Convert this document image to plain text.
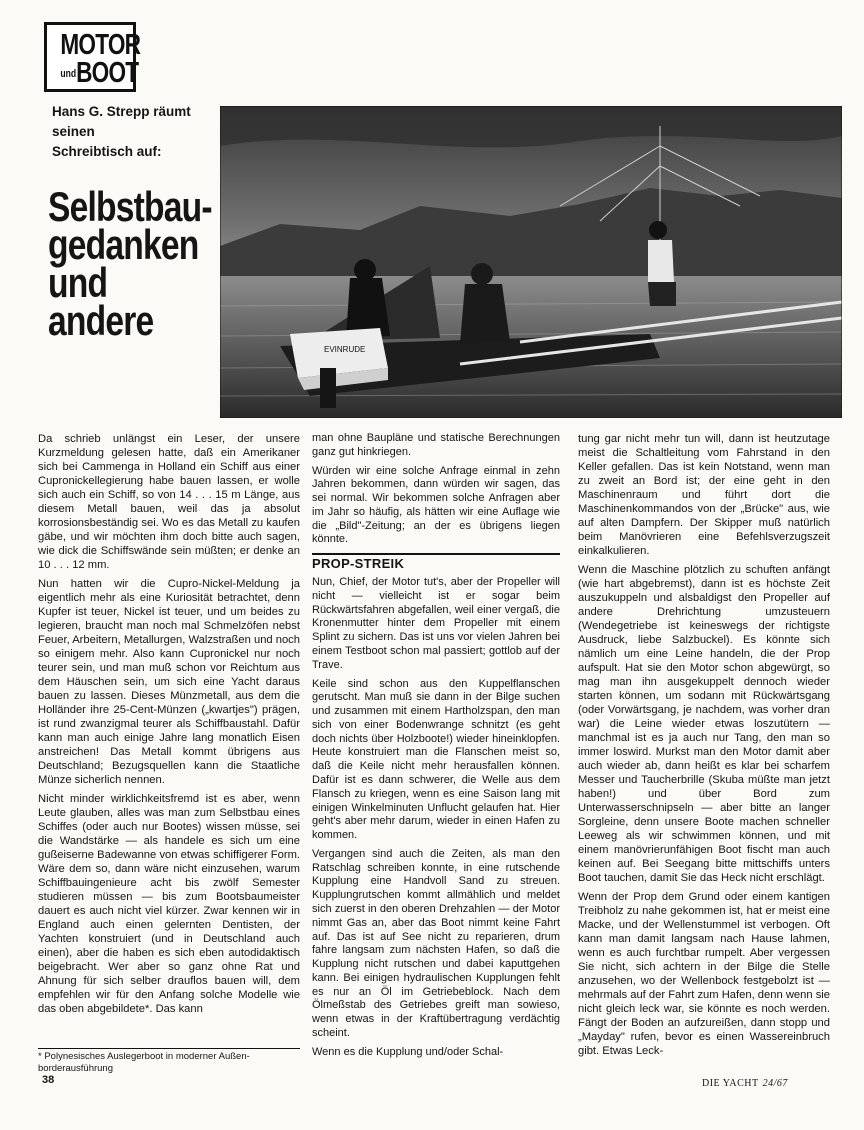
MOTOR
undBOOT
Hans G. Strepp räumt
seinen
Schreibtisch auf:
Selbstbau-
gedanken
und
andere
EVINRUDE

Da schrieb unlängst ein Leser, der unsere Kurzmeldung gelesen hatte, daß ein Amerikaner sich bei Cammenga in Holland ein Schiff aus einer Cupronickellegierung habe bauen lassen, er wolle sich auch ein Schiff, so von 14 . . . 15 m Länge, aus diesem Metall bauen, weil das ja absolut korrosionsbeständig sei. Wo es das Metall zu kaufen gäbe, und wir möchten ihm doch bitte auch sagen, wie dick die Schiffswände sein müßten; er denke an 10 . . . 12 mm.

Nun hatten wir die Cupro-Nickel-Meldung ja eigentlich mehr als eine Kuriosität betrachtet, denn Kupfer ist teuer, Nickel ist teuer, und um beides zu legieren, braucht man noch mal Schmelzöfen nebst Feuer, Arbeitern, Metallurgen, Walzstraßen und noch so einigem mehr. Also kann Cupronickel nur noch teurer sein, und man muß schon vor Reichtum aus dem Häuschen sein, um sich eine Yacht daraus bauen zu lassen. Dieses Münzmetall, aus dem die Holländer ihre 25-Cent-Münzen („kwartjes") prägen, ist rund zwanzigmal teurer als Schiffbaustahl. Dafür kann man auch einige Jahre lang monatlich Eisen anstreichen! Das Metall kommt übrigens aus Deutschland; Bezugsquellen kann die Staatliche Münze sicherlich nennen.

Nicht minder wirklichkeitsfremd ist es aber, wenn Leute glauben, alles was man zum Selbstbau eines Schiffes (oder auch nur Bootes) wissen müsse, sei die Wandstärke — als handele es sich um eine gußeiserne Badewanne von etwas schiffigerer Form. Wäre dem so, dann wäre nicht einzusehen, warum Schiffbauingenieure acht bis zwölf Semester studieren müssen — bis zum Bootsbaumeister dauert es auch nicht viel kürzer. Zwar kennen wir in England auch einen gelernten Dentisten, der Yachten konstruiert (und in Deutschland auch einen), aber die haben es sich eben autodidaktisch beigebracht. Wer aber so ganz ohne Rat und Ahnung für sich selber drauflos bauen will, dem empfehlen wir für den Anfang solche Modelle wie das oben abgebildete*. Das kann

man ohne Baupläne und statische Berechnungen ganz gut hinkriegen.

Würden wir eine solche Anfrage einmal in zehn Jahren bekommen, dann würden wir sagen, das sei normal. Wir bekommen solche Anfragen aber im Jahr so häufig, als hätten wir eine Auflage wie die „Bild"-Zeitung; an der es übrigens liegen könnte.

PROP-STREIK

Nun, Chief, der Motor tut's, aber der Propeller will nicht — vielleicht ist er sogar beim Rückwärtsfahren abgefallen, weil einer vergaß, die Kronenmutter hinter dem Propeller mit einem Splint zu sichern. Das ist uns vor vielen Jahren bei einem Testboot schon mal passiert; gottlob auf der Trave.

Keile sind schon aus den Kuppelflanschen gerutscht. Man muß sie dann in der Bilge suchen und zusammen mit einem Hartholzspan, den man sich von einer Bodenwrange schnitzt (es geht doch nichts über Holzboote!) wieder hineinklopfen. Heute konstruiert man die Flanschen meist so, daß die Keile nicht mehr herausfallen können. Dafür ist es dann schwerer, die Welle aus dem Flansch zu kriegen, wenn es eine Saison lang mit einigen Winkelminuten Unflucht gelaufen hat. Hier geht's aber mehr darum, wieder in einen Hafen zu kommen.

Vergangen sind auch die Zeiten, als man den Ratschlag schreiben konnte, in eine rutschende Kupplung eine Handvoll Sand zu streuen. Kupplungrutschen kommt allmählich und meldet sich zuerst in den oberen Drehzahlen — der Motor nimmt Gas an, aber das Boot nimmt keine Fahrt auf. Das ist auf See nicht zu reparieren, drum fahre langsam zum nächsten Hafen, so daß die Kupplung nicht rutschen und dabei kaputtgehen kann. Bei einigen hydraulischen Kupplungen fehlt es nur an Öl im Getriebeblock. Nach dem Ölmeßstab des Getriebes greift man sowieso, wenn etwas in der Kraftübertragung verdächtig scheint.

Wenn es die Kupplung und/oder Schal-

tung gar nicht mehr tun will, dann ist heutzutage meist die Schaltleitung vom Fahrstand in den Keller gefallen. Das ist kein Notstand, wenn man zu zweit an Bord ist; der eine geht in den Maschinenraum und führt dort die Maschinenkommandos von der „Brücke" aus, wie auf alten Dampfern. Der Skipper muß natürlich beim Manövrieren eine Befehlsverzugszeit einkalkulieren.

Wenn die Maschine plötzlich zu schuften anfängt (wie hart abgebremst), dann ist es höchste Zeit auszukuppeln und alsbaldigst den Propeller auf andere Drehrichtung umzusteuern (Wendegetriebe ist keineswegs der richtigste Ausdruck, liebe Salzbuckel). Es könnte sich nämlich um eine Leine handeln, die der Prop aufspult. Hat sie den Motor schon abgewürgt, so mag man ihn ausgekuppelt dennoch wieder starten können, um sodann mit Rückwärtsgang (oder Vorwärtsgang, je nachdem, was vorher dran war) die Leine wieder etwas loszutütern — manchmal ist es ja auch nur Tang, den man so immer loswird. Murkst man den Motor damit aber auch wieder ab, dann heißt es klar bei scharfem Messer und Taucherbrille (Skuba müßte man jetzt haben!) und über Bord zum Unterwasserschnipseln — aber bitte an langer Sorgleine, denn unsere Boote machen schneller Leeweg als wir schwimmen können, und mit einem manövrierunfähigen Boot fischt man auch keinen auf. Bei Seegang bitte mittschiffs unters Boot tauchen, damit Sie das Heck nicht erschlägt.

Wenn der Prop dem Grund oder einem kantigen Treibholz zu nahe gekommen ist, hat er meist eine Macke, und der Wellenstummel ist verbogen. Oft kann man damit langsam nach Hause lahmen, wenn es auch furchtbar rumpelt. Aber vergessen Sie nicht, sich achtern in der Bilge die Stelle anzusehen, wo der Wellenbock festgebolzt ist — mehrmals auf der Fahrt zum Hafen, denn wenn sie nicht gleich leck war, sie könnte es noch werden. Fängt der Boden an aufzureißen, dann stopp und „Mayday" rufen, bevor es einen Wassereinbruch gibt. Etwas Leck-

* Polynesisches Auslegerboot in moderner Außen-
borderausführung
38	DIE YACHT 24/67
